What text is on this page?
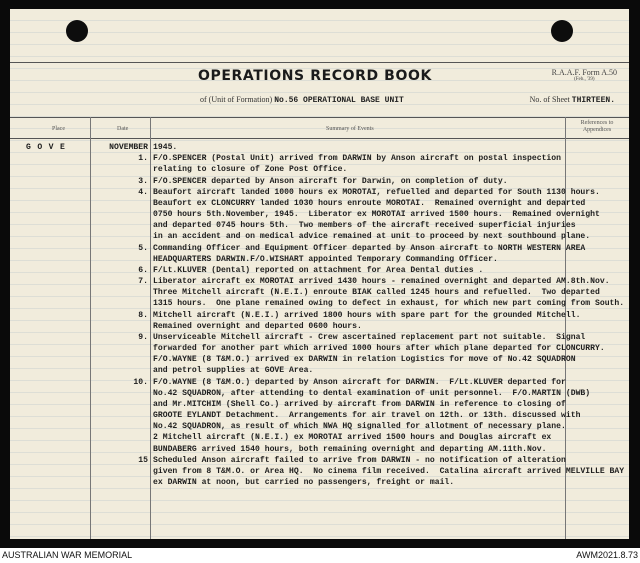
OPERATIONS RECORD BOOK	R.A.A.F. Form A.50
(Feb., '39)
of (Unit of Formation) No.56 OPERATIONAL BASE UNIT	No. of Sheet THIRTEEN.
Place	Date	Summary of Events
References to Appendices
G O V E	NOVEMBER 1945.
1. F/O.SPENCER (Postal Unit) arrived from DARWIN by Anson aircraft on postal inspection
relating to closure of Zone Post Office.
3. F/O.SPENCER departed by Anson aircraft for Darwin, on completion of duty.
4. Beaufort aircraft landed 1000 hours ex MOROTAI, refuelled and departed for South 1130 hours.
Beaufort ex CLONCURRY landed 1030 hours enroute MOROTAI.  Remained overnight and departed
0750 hours 5th.November, 1945.  Liberator ex MOROTAI arrived 1500 hours.  Remained overnight
and departed 0745 hours 5th.  Two members of the aircraft received superficial injuries
in an accident and on medical advice remained at unit to proceed by next southbound plane.
5. Commanding Officer and Equipment Officer departed by Anson aircraft to NORTH WESTERN AREA
HEADQUARTERS DARWIN.F/O.WISHART appointed Temporary Commanding Officer.
6. F/Lt.KLUVER (Dental) reported on attachment for Area Dental duties .
7. Liberator aircraft ex MOROTAI arrived 1430 hours - remained overnight and departed AM.8th.Nov.
Three Mitchell aircraft (N.E.I.) enroute BIAK called 1245 hours and refuelled.  Two departed
1315 hours.  One plane remained owing to defect in exhaust, for which new part coming from South.
8. Mitchell aircraft (N.E.I.) arrived 1800 hours with spare part for the grounded Mitchell.
Remained overnight and departed 0600 hours.
9. Unserviceable Mitchell aircraft - Crew ascertained replacement part not suitable.  Signal
forwarded for another part which arrived 1000 hours after which plane departed for CLONCURRY.
F/O.WAYNE (8 T&M.O.) arrived ex DARWIN in relation Logistics for move of No.42 SQUADRON
and petrol supplies at GOVE Area.
10. F/O.WAYNE (8 T&M.O.) departed by Anson aircraft for DARWIN.  F/Lt.KLUVER departed for
No.42 SQUADRON, after attending to dental examination of unit personnel.  F/O.MARTIN (DWB)
and Mr.MITCHIM (Shell Co.) arrived by aircraft from DARWIN in reference to closing of
GROOTE EYLANDT Detachment.  Arrangements for air travel on 12th. or 13th. discussed with
No.42 SQUADRON, as result of which NWA HQ signalled for allotment of necessary plane.
2 Mitchell aircraft (N.E.I.) ex MOROTAI arrived 1500 hours and Douglas aircraft ex
BUNDABERG arrived 1540 hours, both remaining overnight and departing AM.11th.Nov.
15 Scheduled Anson aircraft failed to arrive from DARWIN - no notification of alteration
given from 8 T&M.O. or Area HQ.  No cinema film received.  Catalina aircraft arrived MELVILLE BAY
ex DARWIN at noon, but carried no passengers, freight or mail.
AUSTRALIAN WAR MEMORIAL	AWM2021.8.73
